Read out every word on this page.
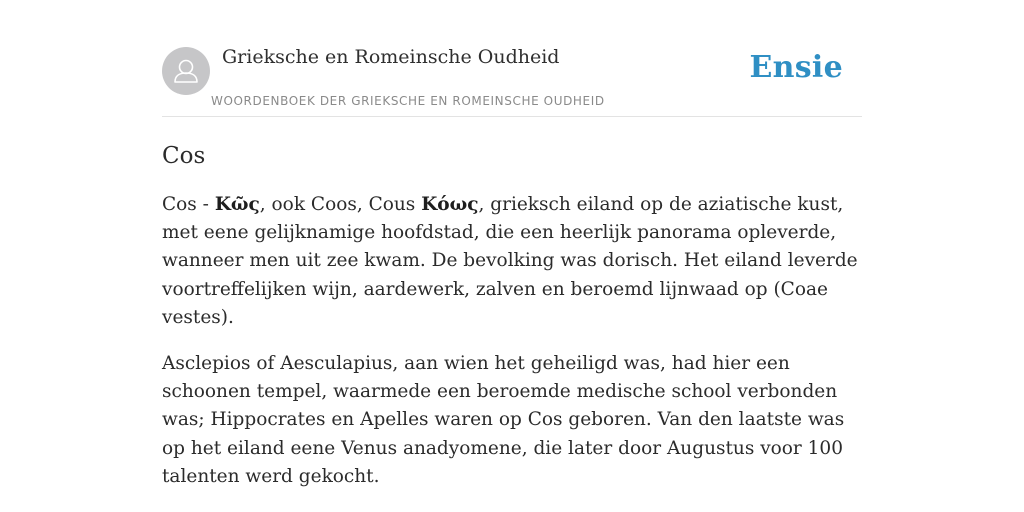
Grieksche en Romeinsche Oudheid
WOORDENBOEK DER GRIEKSCHE EN ROMEINSCHE OUDHEID
Ensie
Cos

Cos - Κῶς, ook Coos, Cous Κόως, grieksch eiland op de aziatische kust, met eene gelijknamige hoofdstad, die een heerlijk panorama opleverde, wanneer men uit zee kwam. De bevolking was dorisch. Het eiland leverde voortreffelijken wijn, aardewerk, zalven en beroemd lijnwaad op (Coae vestes).

Asclepios of Aesculapius, aan wien het geheiligd was, had hier een schoonen tempel, waarmede een beroemde medische school verbonden was; Hippocrates en Apelles waren op Cos geboren. Van den laatste was op het eiland eene Venus anadyomene, die later door Augustus voor 100 talenten werd gekocht.
